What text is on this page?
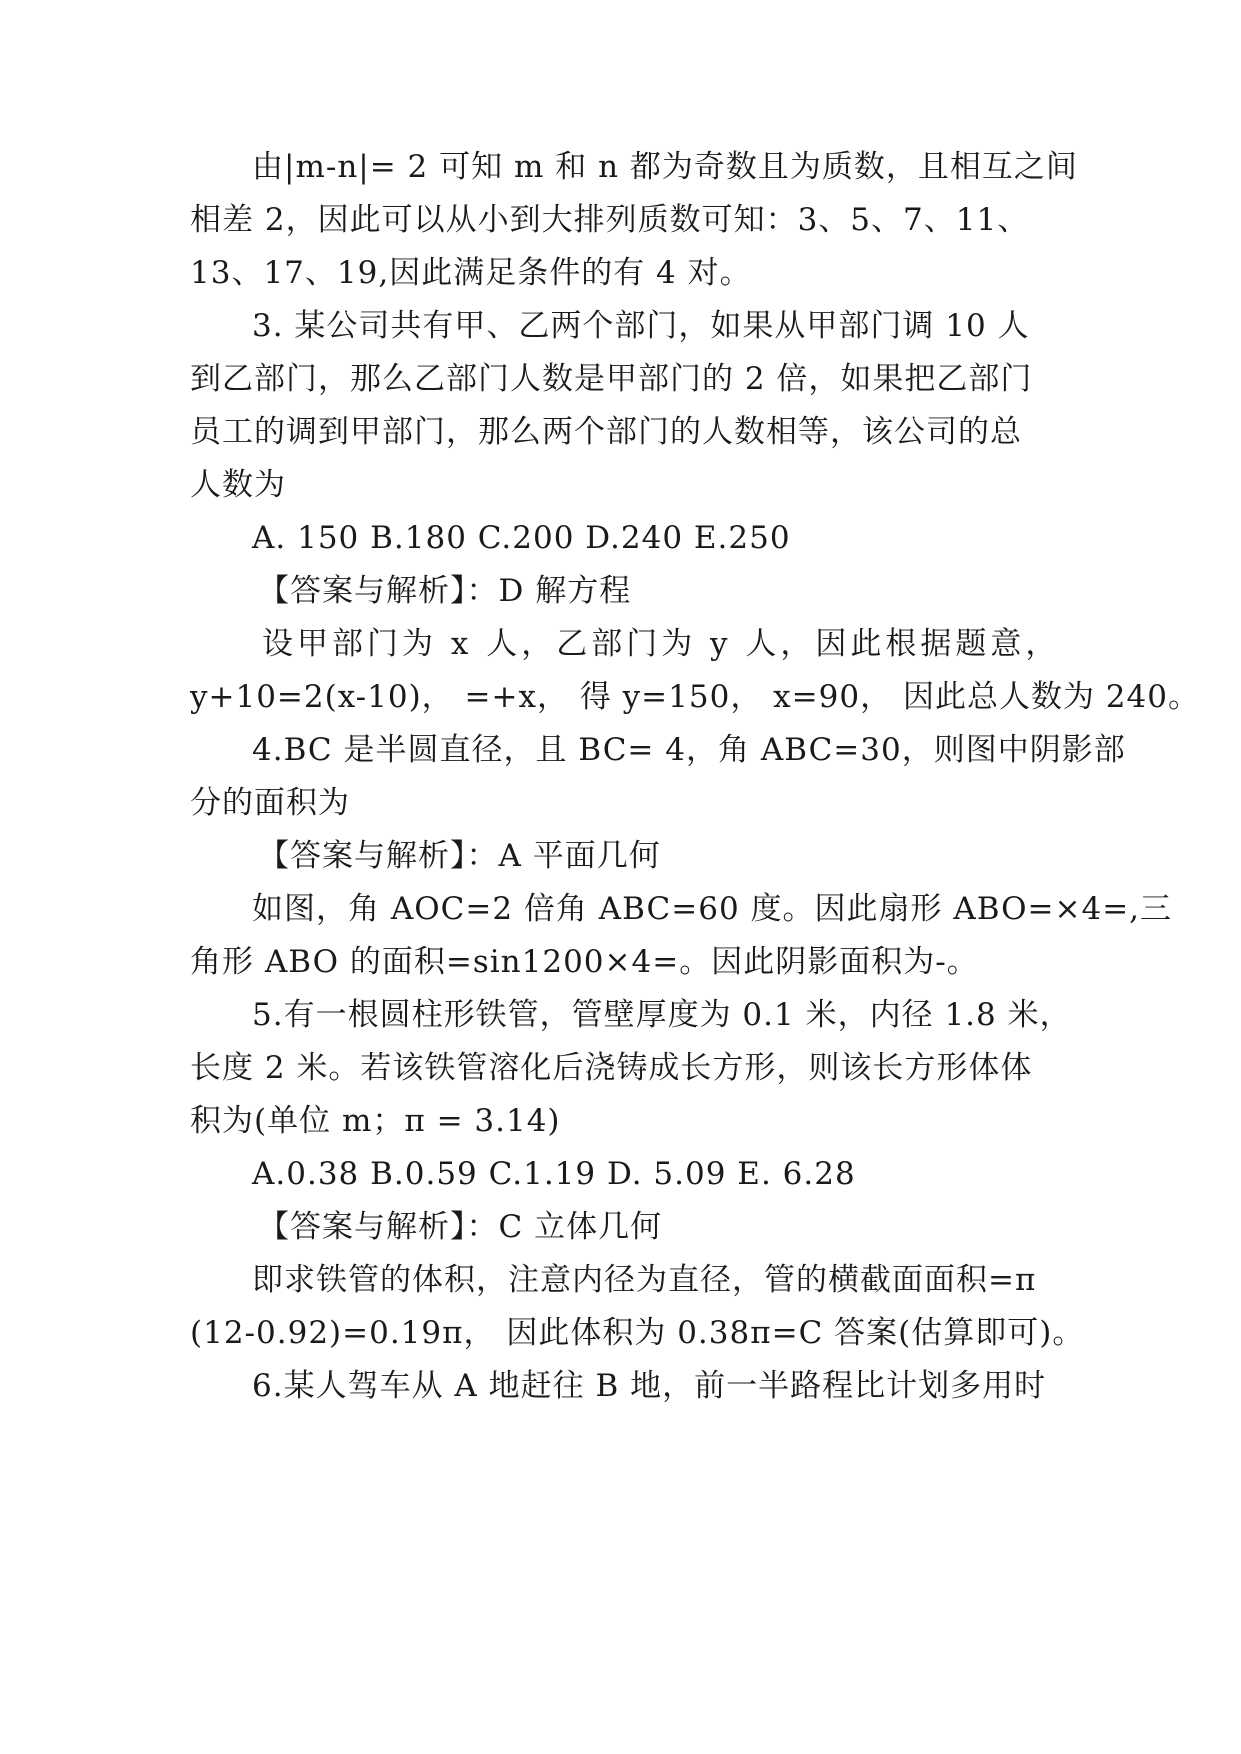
由|m-n|= 2 可知 m 和 n 都为奇数且为质数，且相互之间
相差 2，因此可以从小到大排列质数可知：3、5、7、11、
13、17、19,因此满足条件的有 4 对。
3. 某公司共有甲、乙两个部门，如果从甲部门调 10 人
到乙部门，那么乙部门人数是甲部门的 2 倍，如果把乙部门
员工的调到甲部门，那么两个部门的人数相等，该公司的总
人数为
A. 150 B.180 C.200 D.240 E.250
【答案与解析】：D 解方程
设甲部门为 x 人，乙部门为 y 人，因此根据题意，
y+10=2(x-10)， =+x， 得 y=150， x=90， 因此总人数为 240。
4.BC 是半圆直径，且 BC= 4，角 ABC=30，则图中阴影部
分的面积为
【答案与解析】：A 平面几何
如图，角 AOC=2 倍角 ABC=60 度。因此扇形 ABO=×4=,三
角形 ABO 的面积=sin1200×4=。因此阴影面积为-。
5.有一根圆柱形铁管，管壁厚度为 0.1 米，内径 1.8 米，
长度 2 米。若该铁管溶化后浇铸成长方形，则该长方形体体
积为(单位 m；π = 3.14)
A.0.38 B.0.59 C.1.19 D. 5.09 E. 6.28
【答案与解析】：C 立体几何
即求铁管的体积，注意内径为直径，管的横截面面积=π
(12-0.92)=0.19π， 因此体积为 0.38π=C 答案(估算即可)。
6.某人驾车从 A 地赶往 B 地，前一半路程比计划多用时
